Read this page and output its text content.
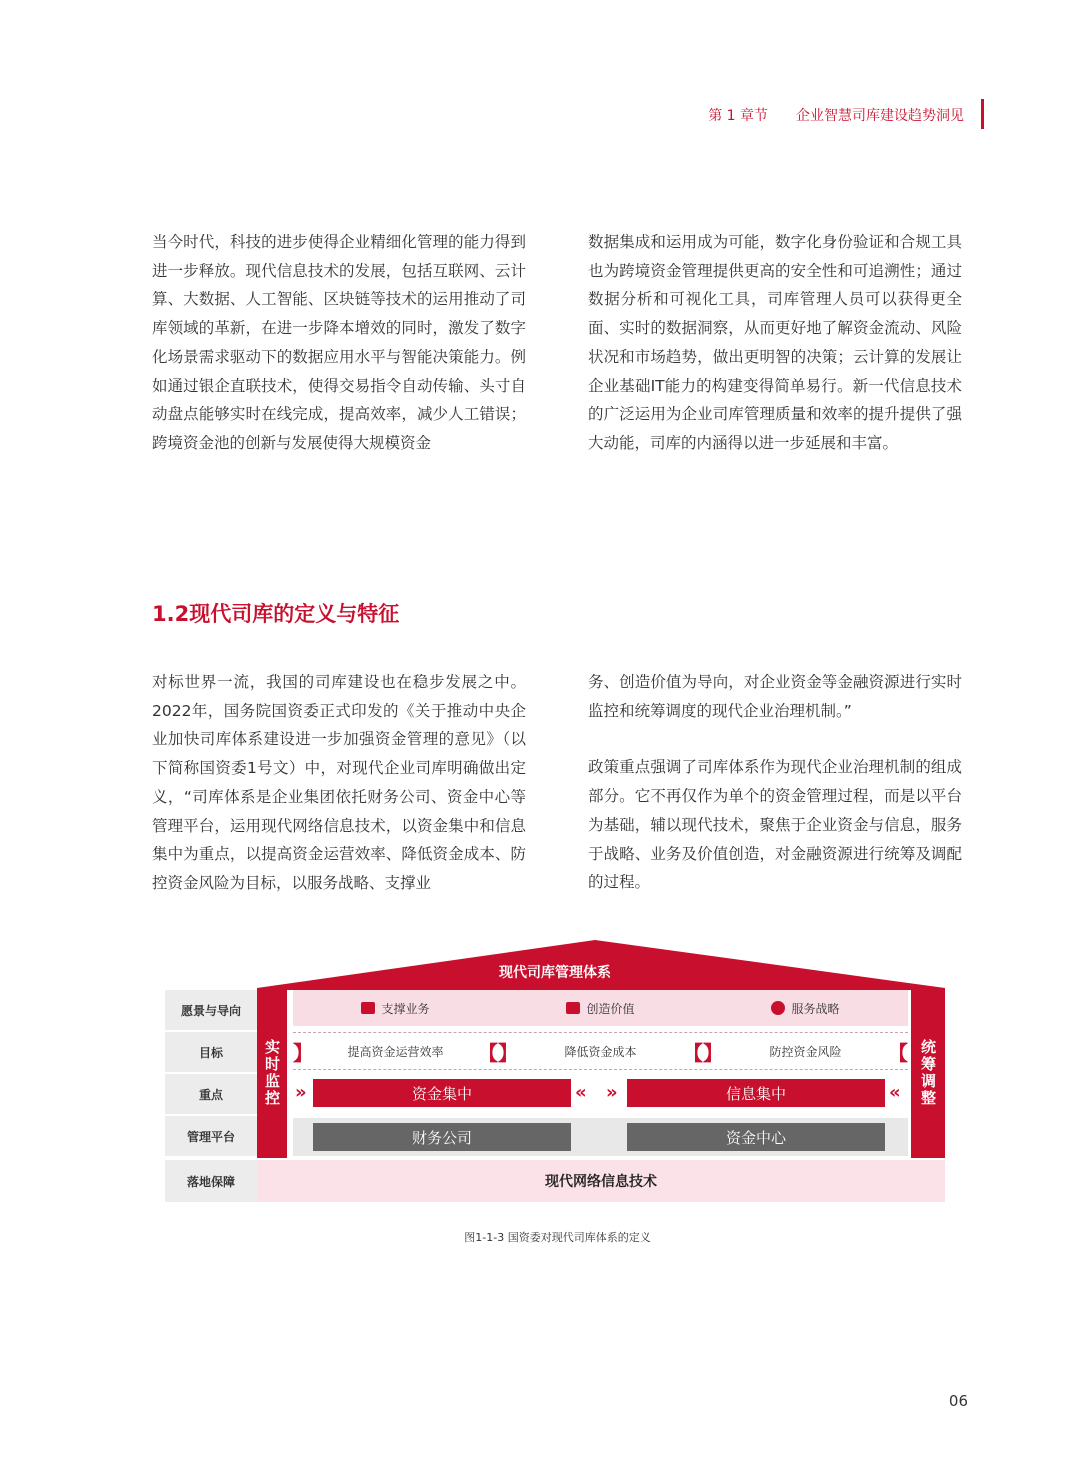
第 1 章节 企业智慧司库建设趋势洞见

当今时代，科技的进步使得企业精细化管理的能力得到进一步释放。现代信息技术的发展，包括互联网、云计算、大数据、人工智能、区块链等技术的运用推动了司库领域的革新，在进一步降本增效的同时，激发了数字化场景需求驱动下的数据应用水平与智能决策能力。例如通过银企直联技术，使得交易指令自动传输、头寸自动盘点能够实时在线完成，提高效率，减少人工错误；跨境资金池的创新与发展使得大规模资金

数据集成和运用成为可能，数字化身份验证和合规工具也为跨境资金管理提供更高的安全性和可追溯性；通过数据分析和可视化工具，司库管理人员可以获得更全面、实时的数据洞察，从而更好地了解资金流动、风险状况和市场趋势，做出更明智的决策；云计算的发展让企业基础IT能力的构建变得简单易行。新一代信息技术的广泛运用为企业司库管理质量和效率的提升提供了强大动能，司库的内涵得以进一步延展和丰富。

1.2现代司库的定义与特征

对标世界一流，我国的司库建设也在稳步发展之中。2022年，国务院国资委正式印发的《关于推动中央企业加快司库体系建设进一步加强资金管理的意见》（以下简称国资委1号文）中，对现代企业司库明确做出定义，“司库体系是企业集团依托财务公司、资金中心等管理平台，运用现代网络信息技术，以资金集中和信息集中为重点，以提高资金运营效率、降低资金成本、防控资金风险为目标，以服务战略、支撑业

务、创造价值为导向，对企业资金等金融资源进行实时监控和统筹调度的现代企业治理机制。”

政策重点强调了司库体系作为现代企业治理机制的组成部分。它不再仅作为单个的资金管理过程，而是以平台为基础，辅以现代技术，聚焦于企业资金与信息，服务于战略、业务及价值创造，对金融资源进行统筹及调配的过程。

现代司库管理体系
愿景与导向
目标
重点
管理平台
落地保障
实时监控	统筹调整
支撑业务	创造价值	服务战略
】	提高资金运营效率	【】	降低资金成本	【】	防控资金风险	【
»	资金集中	« »	信息集中	«
财务公司	资金中心
现代网络信息技术
图1-1-3 国资委对现代司库体系的定义
06
